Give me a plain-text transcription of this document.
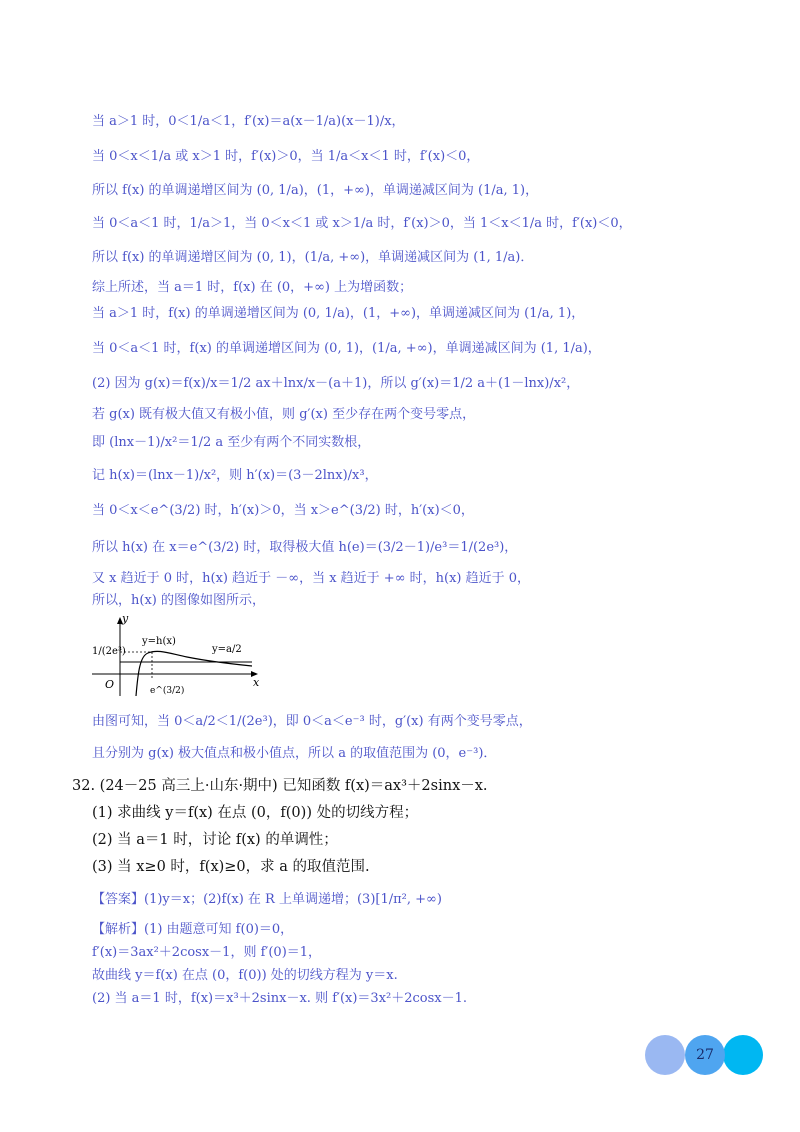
当 a＞1 时，0＜1/a＜1，f′(x)＝a(x－1/a)(x－1)/x，
当 0＜x＜1/a 或 x＞1 时，f′(x)＞0，当 1/a＜x＜1 时，f′(x)＜0，
所以 f(x) 的单调递增区间为 (0, 1/a)，(1，+∞)，单调递减区间为 (1/a, 1)，
当 0＜a＜1 时，1/a＞1，当 0＜x＜1 或 x＞1/a 时，f′(x)＞0，当 1＜x＜1/a 时，f′(x)＜0，
所以 f(x) 的单调递增区间为 (0, 1)，(1/a, +∞)，单调递减区间为 (1, 1/a)．
综上所述，当 a＝1 时，f(x) 在 (0，+∞) 上为增函数；
当 a＞1 时，f(x) 的单调递增区间为 (0, 1/a)，(1，+∞)，单调递减区间为 (1/a, 1)，
当 0＜a＜1 时，f(x) 的单调递增区间为 (0, 1)，(1/a, +∞)，单调递减区间为 (1, 1/a)，
(2) 因为 g(x)＝f(x)/x＝1/2 ax＋lnx/x－(a＋1)，所以 g′(x)＝1/2 a＋(1－lnx)/x²，
若 g(x) 既有极大值又有极小值，则 g′(x) 至少存在两个变号零点，
即 (lnx－1)/x²＝1/2 a 至少有两个不同实数根，
记 h(x)＝(lnx－1)/x²，则 h′(x)＝(3－2lnx)/x³，
当 0＜x＜e^(3/2) 时，h′(x)＞0，当 x＞e^(3/2) 时，h′(x)＜0，
所以 h(x) 在 x＝e^(3/2) 时，取得极大值 h(e)＝(3/2－1)/e³＝1/(2e³)，
又 x 趋近于 0 时，h(x) 趋近于 －∞，当 x 趋近于 +∞ 时，h(x) 趋近于 0，
所以，h(x) 的图像如图所示，
y
x
O
1/(2e³)
y=h(x)
y=a/2
e^(3/2)
由图可知，当 0＜a/2＜1/(2e³)，即 0＜a＜e⁻³ 时，g′(x) 有两个变号零点，
且分别为 g(x) 极大值点和极小值点，所以 a 的取值范围为 (0，e⁻³)．
32. (24－25 高三上·山东·期中) 已知函数 f(x)＝ax³＋2sinx－x.
(1) 求曲线 y＝f(x) 在点 (0，f(0)) 处的切线方程；
(2) 当 a＝1 时，讨论 f(x) 的单调性；
(3) 当 x≥0 时，f(x)≥0，求 a 的取值范围.
【答案】(1)y＝x；(2)f(x) 在 R 上单调递增；(3)[1/π², +∞)
【解析】(1) 由题意可知 f(0)＝0，
f′(x)＝3ax²＋2cosx－1，则 f′(0)＝1，
故曲线 y＝f(x) 在点 (0，f(0)) 处的切线方程为 y＝x.
(2) 当 a＝1 时，f(x)＝x³＋2sinx－x. 则 f′(x)＝3x²＋2cosx－1.
27
